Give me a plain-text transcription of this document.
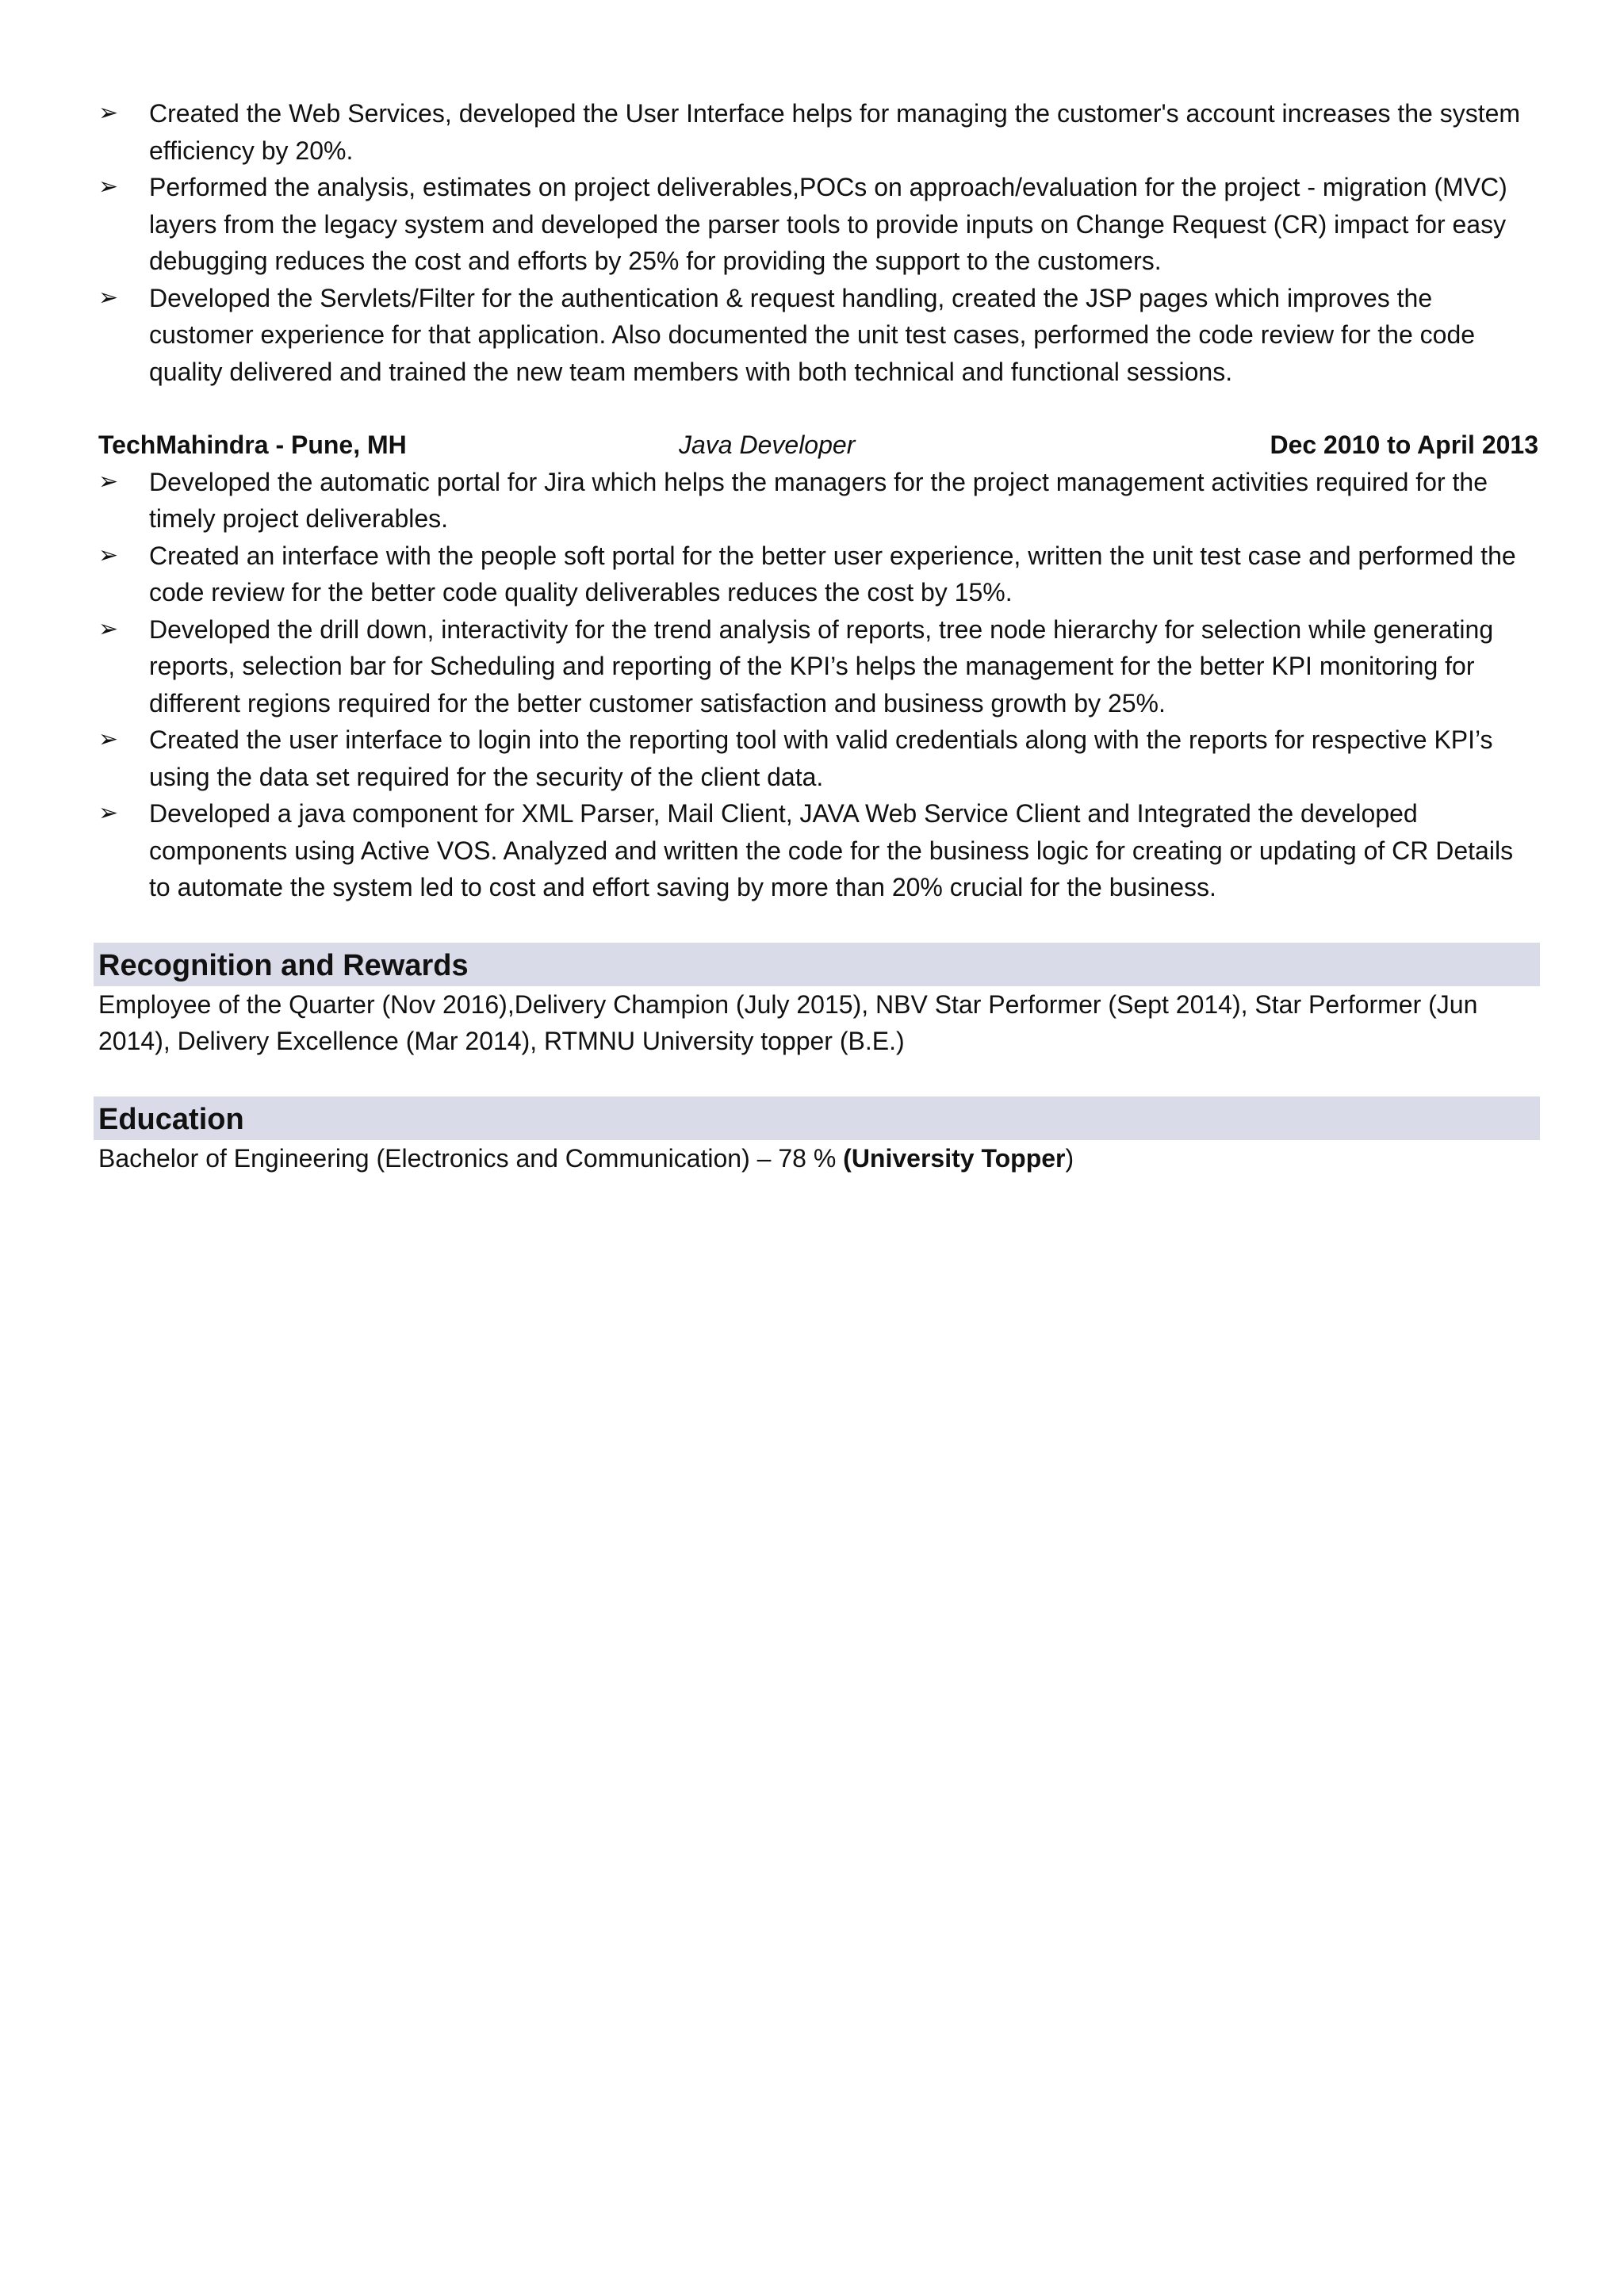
➢	Created the Web Services, developed the User Interface helps for managing the customer's account increases the system efficiency by 20%.
➢	Performed the analysis, estimates on project deliverables,POCs on approach/evaluation for the project - migration (MVC) layers from the legacy system and developed the parser tools to provide inputs on Change Request (CR) impact for easy debugging reduces the cost and efforts by 25% for providing the support to the customers.
➢	Developed the Servlets/Filter for the authentication & request handling, created the JSP pages which improves the customer experience for that application. Also documented the unit test cases, performed the code review for the code quality delivered and trained the new team members with both technical and functional sessions.
TechMahindra - Pune, MH	Java Developer	Dec 2010 to April 2013
➢	Developed the automatic portal for Jira which helps the managers for the project management activities required for the timely project deliverables.
➢	Created an interface with the people soft portal for the better user experience, written the unit test case and performed the code review for the better code quality deliverables reduces the cost by 15%.
➢	Developed the drill down, interactivity for the trend analysis of reports, tree node hierarchy for selection while generating reports, selection bar for Scheduling and reporting of the KPI’s helps the management for the better KPI monitoring for different regions required for the better customer satisfaction and business growth by 25%.
➢	Created the user interface to login into the reporting tool with valid credentials along with the reports for respective KPI’s using the data set required for the security of the client data.
➢	Developed a java component for XML Parser, Mail Client, JAVA Web Service Client and Integrated the developed components using Active VOS. Analyzed and written the code for the business logic for creating or updating of CR Details to automate the system led to cost and effort saving by more than 20% crucial for the business.
Recognition and Rewards
Employee of the Quarter (Nov 2016),Delivery Champion (July 2015), NBV Star Performer (Sept 2014), Star Performer (Jun 2014), Delivery Excellence (Mar 2014), RTMNU University topper (B.E.)
Education
Bachelor of Engineering (Electronics and Communication) – 78 % (University Topper)
